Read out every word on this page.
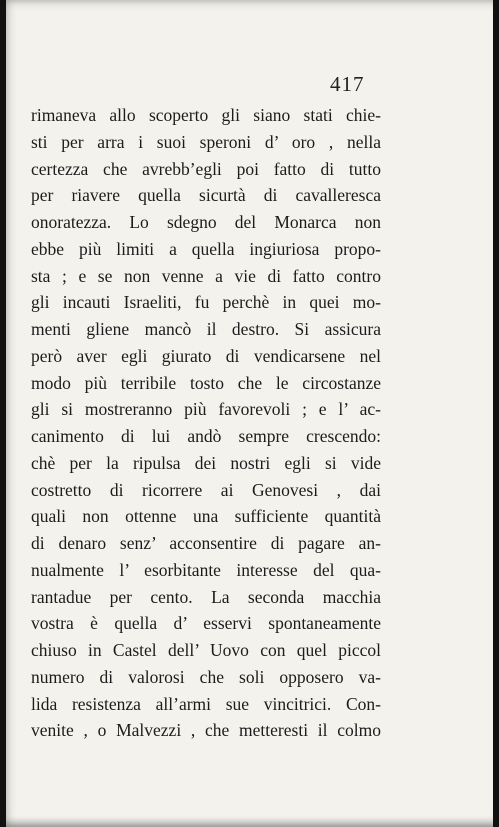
417
rimaneva allo scoperto gli siano stati chie-
sti per arra i suoi speroni d’ oro , nella
certezza che avrebb’egli poi fatto di tutto
per riavere quella sicurtà di cavalleresca
onoratezza. Lo sdegno del Monarca non
ebbe più limiti a quella ingiuriosa propo-
sta ; e se non venne a vie di fatto contro
gli incauti Israeliti, fu perchè in quei mo-
menti gliene mancò il destro. Si assicura
però aver egli giurato di vendicarsene nel
modo più terribile tosto che le circostanze
gli si mostreranno più favorevoli ; e l’ ac-
canimento di lui andò sempre crescendo:
chè per la ripulsa dei nostri egli si vide
costretto di ricorrere ai Genovesi , dai
quali non ottenne una sufficiente quantità
di denaro senz’ acconsentire di pagare an-
nualmente l’ esorbitante interesse del qua-
rantadue per cento. La seconda macchia
vostra è quella d’ esservi spontaneamente
chiuso in Castel dell’ Uovo con quel piccol
numero di valorosi che soli opposero va-
lida resistenza all’armi sue vincitrici. Con-
venite , o Malvezzi , che metteresti il colmo
